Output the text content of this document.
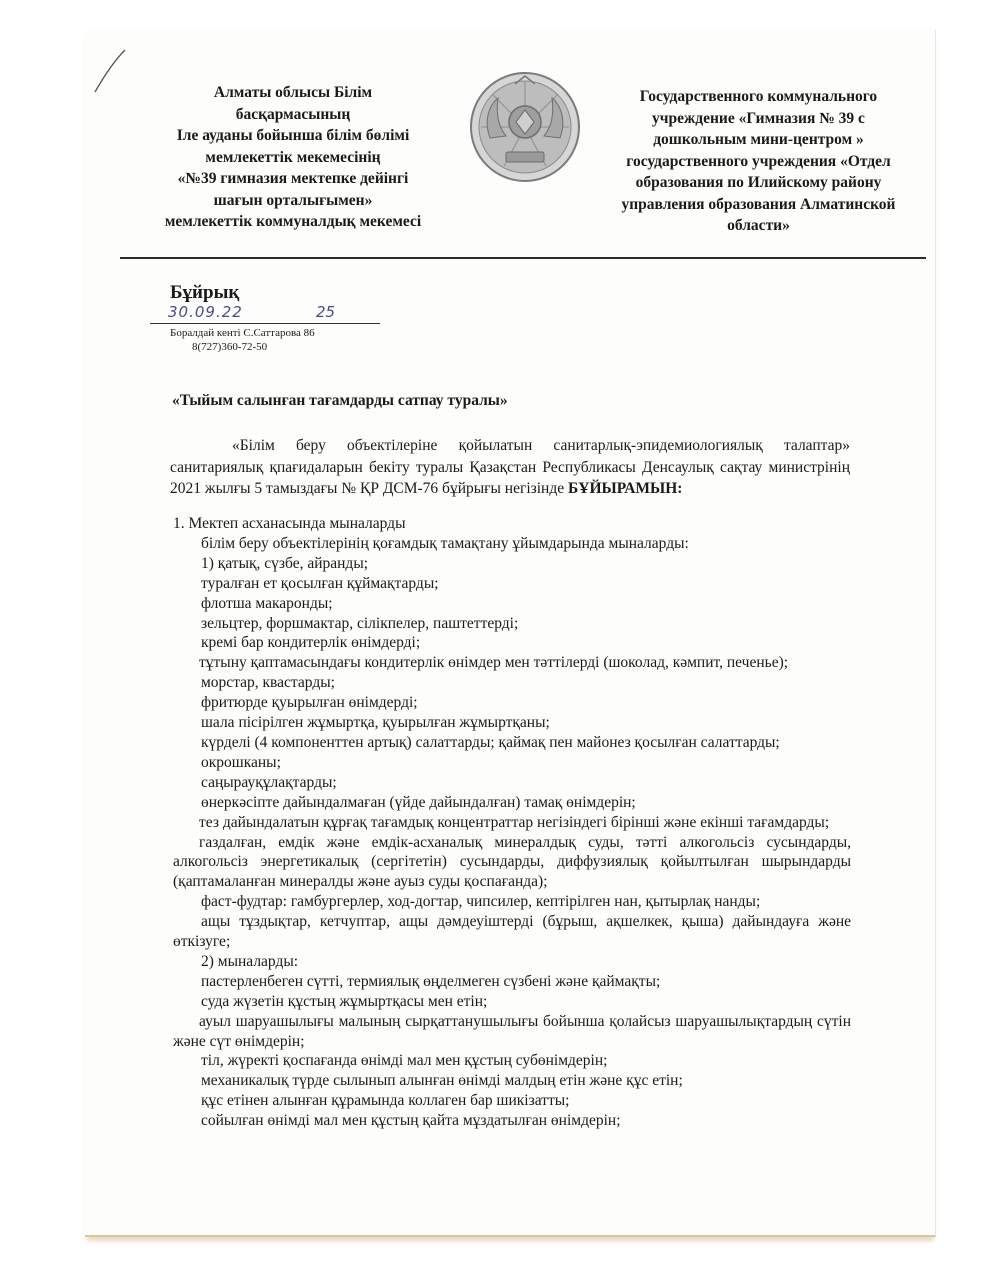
Алматы облысы Білім
басқармасының
Іле ауданы бойынша білім бөлімі
мемлекеттік мекемесінің
«№39 гимназия мектепке дейінгі
шағын орталығымен»
мемлекеттік коммуналдық мекемесі
Государственного коммунального
учреждение «Гимназия № 39 с
дошкольным мини-центром »
государственного учреждения «Отдел
образования по Илийскому району
управления образования Алматинской
области»
Бұйрық
30.09.22	25
Боралдай кенті С.Саттарова 86
8(727)360-72-50
«Тыйым салынған тағамдарды сатпау туралы»
«Білім беру объектілеріне қойылатын санитарлық-эпидемиологиялық талаптар» санитариялық қпағидаларын бекіту туралы Қазақстан Республикасы Денсаулық сақтау министрінің 2021 жылғы 5 тамыздағы № ҚР ДСМ-76 бұйрығы негізінде БҰЙЫРАМЫН:
1. Мектеп асханасында мыналарды
білім беру объектілерінің қоғамдық тамақтану ұйымдарында мыналарды:
1) қатық, сүзбе, айранды;
туралған ет қосылған құймақтарды;
флотша макаронды;
зельцтер, форшмактар, сілікпелер, паштеттерді;
кремі бар кондитерлік өнімдерді;
тұтыну қаптамасындағы кондитерлік өнімдер мен тәттілерді (шоколад, кәмпит, печенье);
морстар, квастарды;
фритюрде қуырылған өнімдерді;
шала пісірілген жұмыртқа, қуырылған жұмыртқаны;
күрделі (4 компоненттен артық) салаттарды; қаймақ пен майонез қосылған салаттарды;
окрошканы;
саңырауқұлақтарды;
өнеркәсіпте дайындалмаған (үйде дайындалған) тамақ өнімдерін;
тез дайындалатын құрғақ тағамдық концентраттар негізіндегі бірінші және екінші тағамдарды;
газдалған, емдік және емдік-асханалық минералдық суды, тәтті алкогольсіз сусындарды, алкогольсіз энергетикалық (сергітетін) сусындарды, диффузиялық қойылтылған шырындарды (қаптамаланған минералды және ауыз суды қоспағанда);
фаст-фудтар: гамбургерлер, ход-догтар, чипсилер, кептірілген нан, қытырлақ нанды;
ащы тұздықтар, кетчуптар, ащы дәмдеуіштерді (бұрыш, ақшелкек, қыша) дайындауға және өткізуге;
2) мыналарды:
пастерленбеген сүтті, термиялық өңделмеген сүзбені және қаймақты;
суда жүзетін құстың жұмыртқасы мен етін;
ауыл шаруашылығы малының сырқаттанушылығы бойынша қолайсыз шаруашылықтардың сүтін және сүт өнімдерін;
тіл, жүректі қоспағанда өнімді мал мен құстың субөнімдерін;
механикалық түрде сылынып алынған өнімді малдың етін және құс етін;
құс етінен алынған құрамында коллаген бар шикізатты;
сойылған өнімді мал мен құстың қайта мұздатылған өнімдерін;
